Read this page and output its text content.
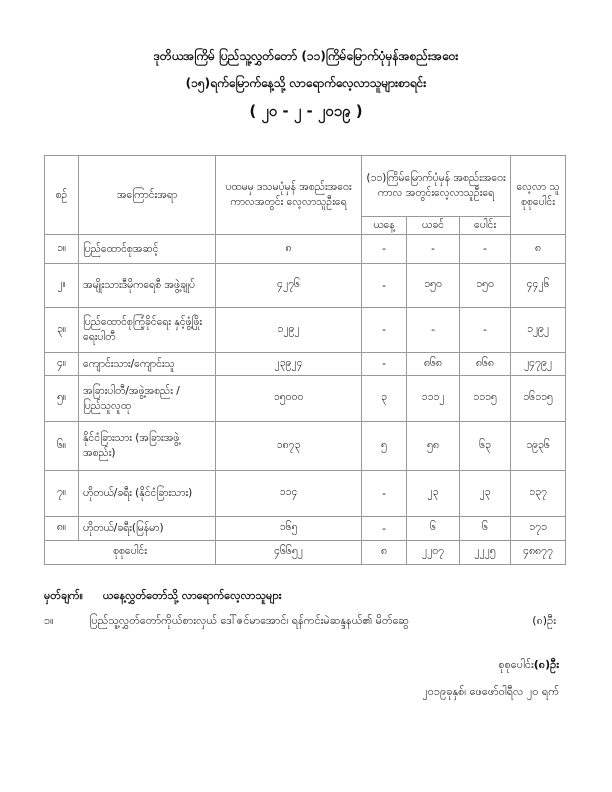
ဒုတိယအကြိမ် ပြည်သူ့လွှတ်တော် (၁၁)ကြိမ်မြောက်ပုံမှန်အစည်းအဝေး
(၁၅)ရက်မြောက်နေ့သို့ လာရောက်လေ့လာသူများစာရင်း
( ၂၀ - ၂ - ၂၀၁၉ )
စဉ်	အကြောင်းအရာ	ပထမမှ ဒသမပုံမှန် အစည်းအဝေးကာလအတွင်း လေ့လာသူဦးရေ	(၁၁)ကြိမ်မြောက်ပုံမှန် အစည်းအဝေးကာလ အတွင်းလေ့လာသူဦးရေ			လေ့လာ သူ စုစုပေါင်း
			ယနေ့	ယခင်	ပေါင်း	
၁။	ပြည်ထောင်စုအဆင့်	၈	-	-	-	၈
၂။	အမျိုးသားဒီမိုကရေစီ အဖွဲ့ချုပ်	၄၂၇၆	-	၁၅၀	၁၅၀	၄၄၂၆
၃။	ပြည်ထောင်စုကြံ့ခိုင်ရေး နှင့်ဖွံ့ဖြိုးရေးပါတီ	၁၂၉၂	-	-	-	၁၂၉၂
၄။	ကျောင်းသား/ကျောင်းသူ	၂၃၉၂၄	-	၈၆၈	၈၆၈	၂၄၇၉၂
၅။	အခြားပါတီ/အဖွဲ့အစည်း / ပြည်သူလူထု	၁၅၀၀၀	၃	၁၁၁၂	၁၁၁၅	၁၆၁၁၅
၆။	နိုင်ငံခြားသား (အခြားအဖွဲ့အစည်း)	၁၈၇၃	၅	၅၈	၆၃	၁၉၃၆
၇။	ဟိုတယ်/ခရီး (နိုင်ငံခြားသား)	၁၁၄	-	၂၃	၂၃	၁၃၇
၈။	ဟိုတယ်/ခရီး(မြန်မာ)	၁၆၅	-	၆	၆	၁၇၁
စုစုပေါင်း		၄၆၆၅၂	၈	၂၂၀၇	၂၂၂၅	၄၈၈၇၇
မှတ်ချက်။ ယနေ့လွှတ်တော်သို့ လာရောက်လေ့လာသူများ
၁။	ပြည်သူ့လွှတ်တော်ကိုယ်စားလှယ် ဒေါ်ဇင်မာအောင်၊ ရန်ကင်းမဲဆန္ဒနယ်၏ မိတ်ဆွေ	(၈)ဦး
စုစုပေါင်း(၈)ဦး
၂၀၁၉ခုနှစ်၊ ဖေဖော်ဝါရီလ ၂၀ ရက်
